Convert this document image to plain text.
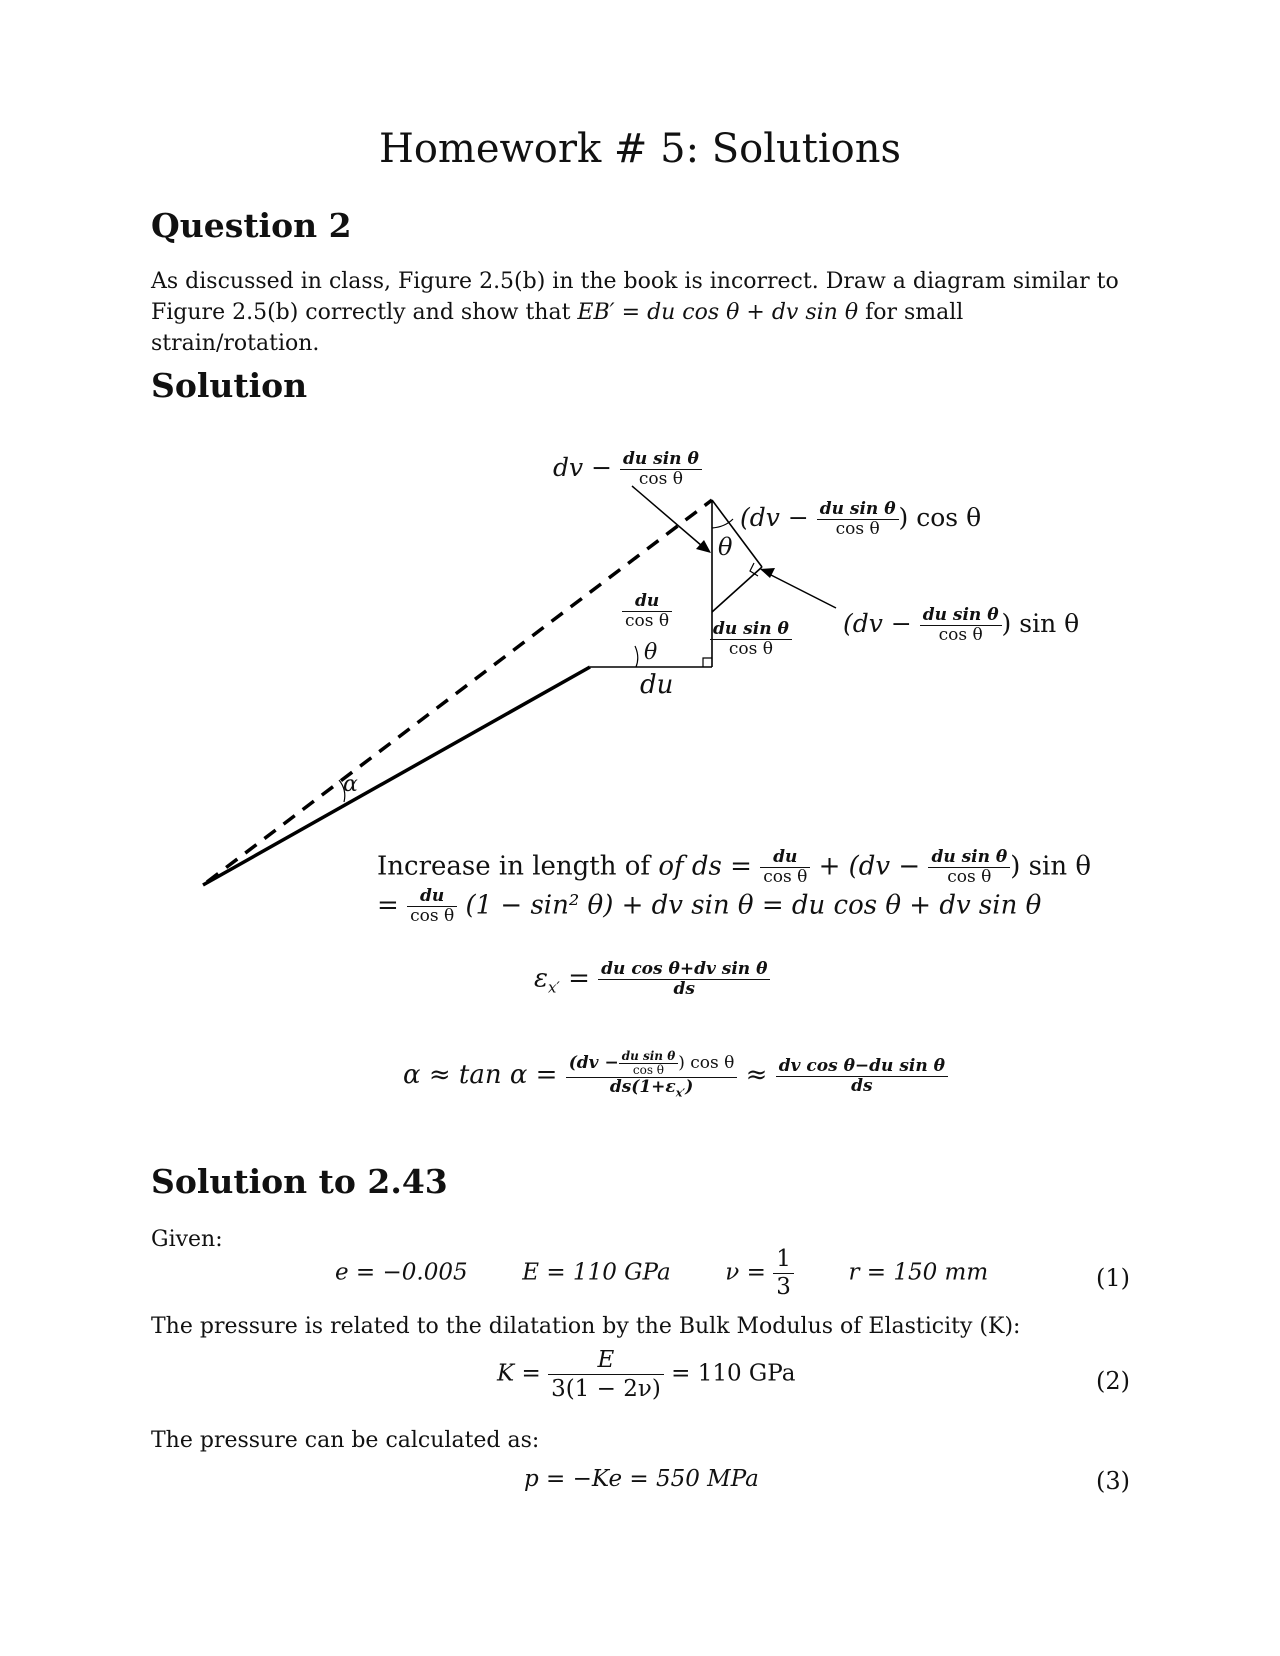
Homework # 5: Solutions
Question 2
As discussed in class, Figure 2.5(b) in the book is incorrect. Draw a diagram similar to
Figure 2.5(b) correctly and show that EB′ = du cos θ + dv sin θ for small strain/rotation.
Solution
dv − $\frac{\text{du sin θ}}{\text{cos θ}}$
θ
($dv - \frac{\text{du sin θ}}{\text{cos θ}}$ ) cos θ
$\frac{du}{\text{cos θ}}$
θ	$\frac{\text{du sin θ}}{\text{cos θ}} (dv - \frac{\text{du sin θ}}{\text{cos θ}}$ ) sin θ
du
α
Increase in length of of ds = $\frac{du}{\text{cos θ}} + (dv - \frac{\text{du sin θ}}{\text{cos θ}}$ ) sin θ
= $\frac{du}{\text{cos θ}} (1 - \sin^2$ θ) + dv sin θ = du cos θ + dv sin θ
$\varepsilon_{x'} = \frac{\text{du cos θ+dv sin θ}}{ds}$
$\alpha \approx \tan \alpha = \frac{(dv - \frac{\text{du sin θ}}{\text{cos θ}} ) \cos \theta}{ds(1+\varepsilon_{x'})} \approx \frac{\text{dv cos θ−du sin θ}}{ds}$
Solution to 2.43
Given:
e = −0.005 E = 110 GPa $\nu = \frac{1}{3}$ r = 150 mm	(1)
The pressure is related to the dilatation by the Bulk Modulus of Elasticity (K):
$K = \frac{E}{3(1 - 2\nu)} = 110$ GPa	(2)
The pressure can be calculated as:
p = −Ke = 550 MPa	(3)
